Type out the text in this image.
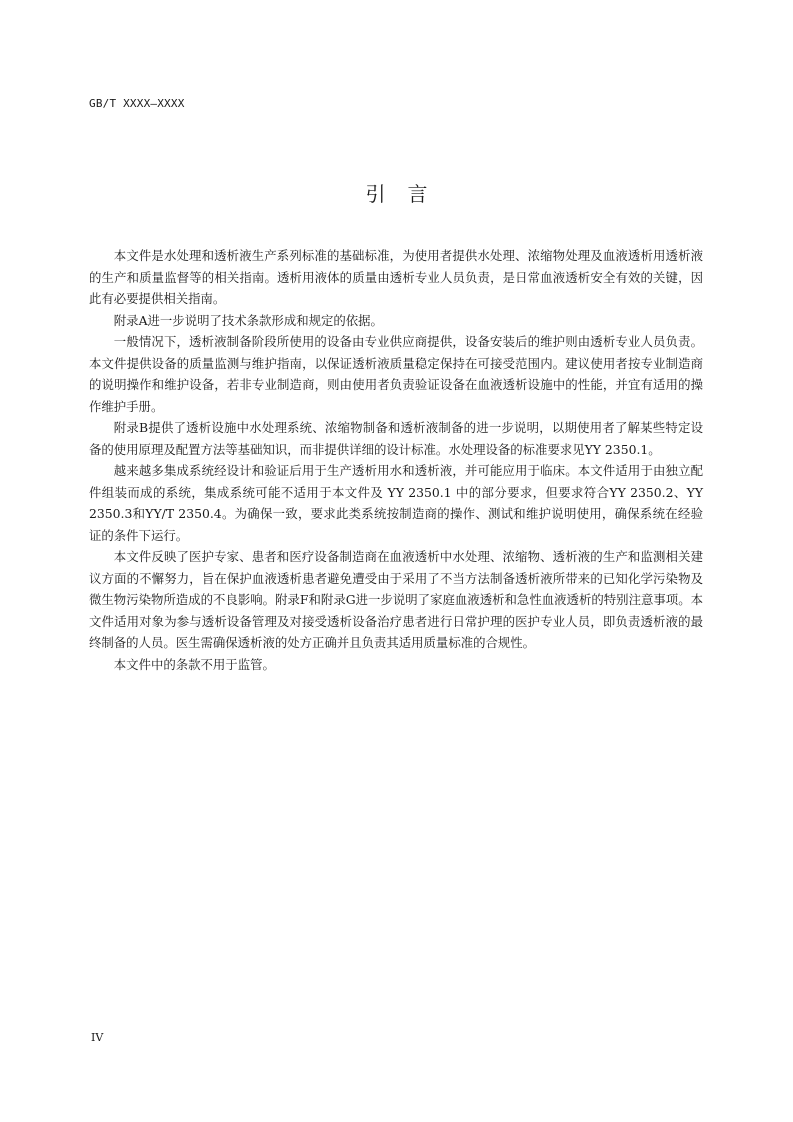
GB/T XXXX—XXXX
引言

本文件是水处理和透析液生产系列标准的基础标准，为使用者提供水处理、浓缩物处理及血液透析用透析液的生产和质量监督等的相关指南。透析用液体的质量由透析专业人员负责，是日常血液透析安全有效的关键，因此有必要提供相关指南。

附录A进一步说明了技术条款形成和规定的依据。

一般情况下，透析液制备阶段所使用的设备由专业供应商提供，设备安装后的维护则由透析专业人员负责。本文件提供设备的质量监测与维护指南，以保证透析液质量稳定保持在可接受范围内。建议使用者按专业制造商的说明操作和维护设备，若非专业制造商，则由使用者负责验证设备在血液透析设施中的性能，并宜有适用的操作维护手册。

附录B提供了透析设施中水处理系统、浓缩物制备和透析液制备的进一步说明，以期使用者了解某些特定设备的使用原理及配置方法等基础知识，而非提供详细的设计标准。水处理设备的标准要求见YY 2350.1。

越来越多集成系统经设计和验证后用于生产透析用水和透析液，并可能应用于临床。本文件适用于由独立配件组装而成的系统，集成系统可能不适用于本文件及 YY 2350.1 中的部分要求，但要求符合YY 2350.2、YY 2350.3和YY/T 2350.4。为确保一致，要求此类系统按制造商的操作、测试和维护说明使用，确保系统在经验证的条件下运行。

本文件反映了医护专家、患者和医疗设备制造商在血液透析中水处理、浓缩物、透析液的生产和监测相关建议方面的不懈努力，旨在保护血液透析患者避免遭受由于采用了不当方法制备透析液所带来的已知化学污染物及微生物污染物所造成的不良影响。附录F和附录G进一步说明了家庭血液透析和急性血液透析的特别注意事项。本文件适用对象为参与透析设备管理及对接受透析设备治疗患者进行日常护理的医护专业人员，即负责透析液的最终制备的人员。医生需确保透析液的处方正确并且负责其适用质量标准的合规性。

本文件中的条款不用于监管。

IV
